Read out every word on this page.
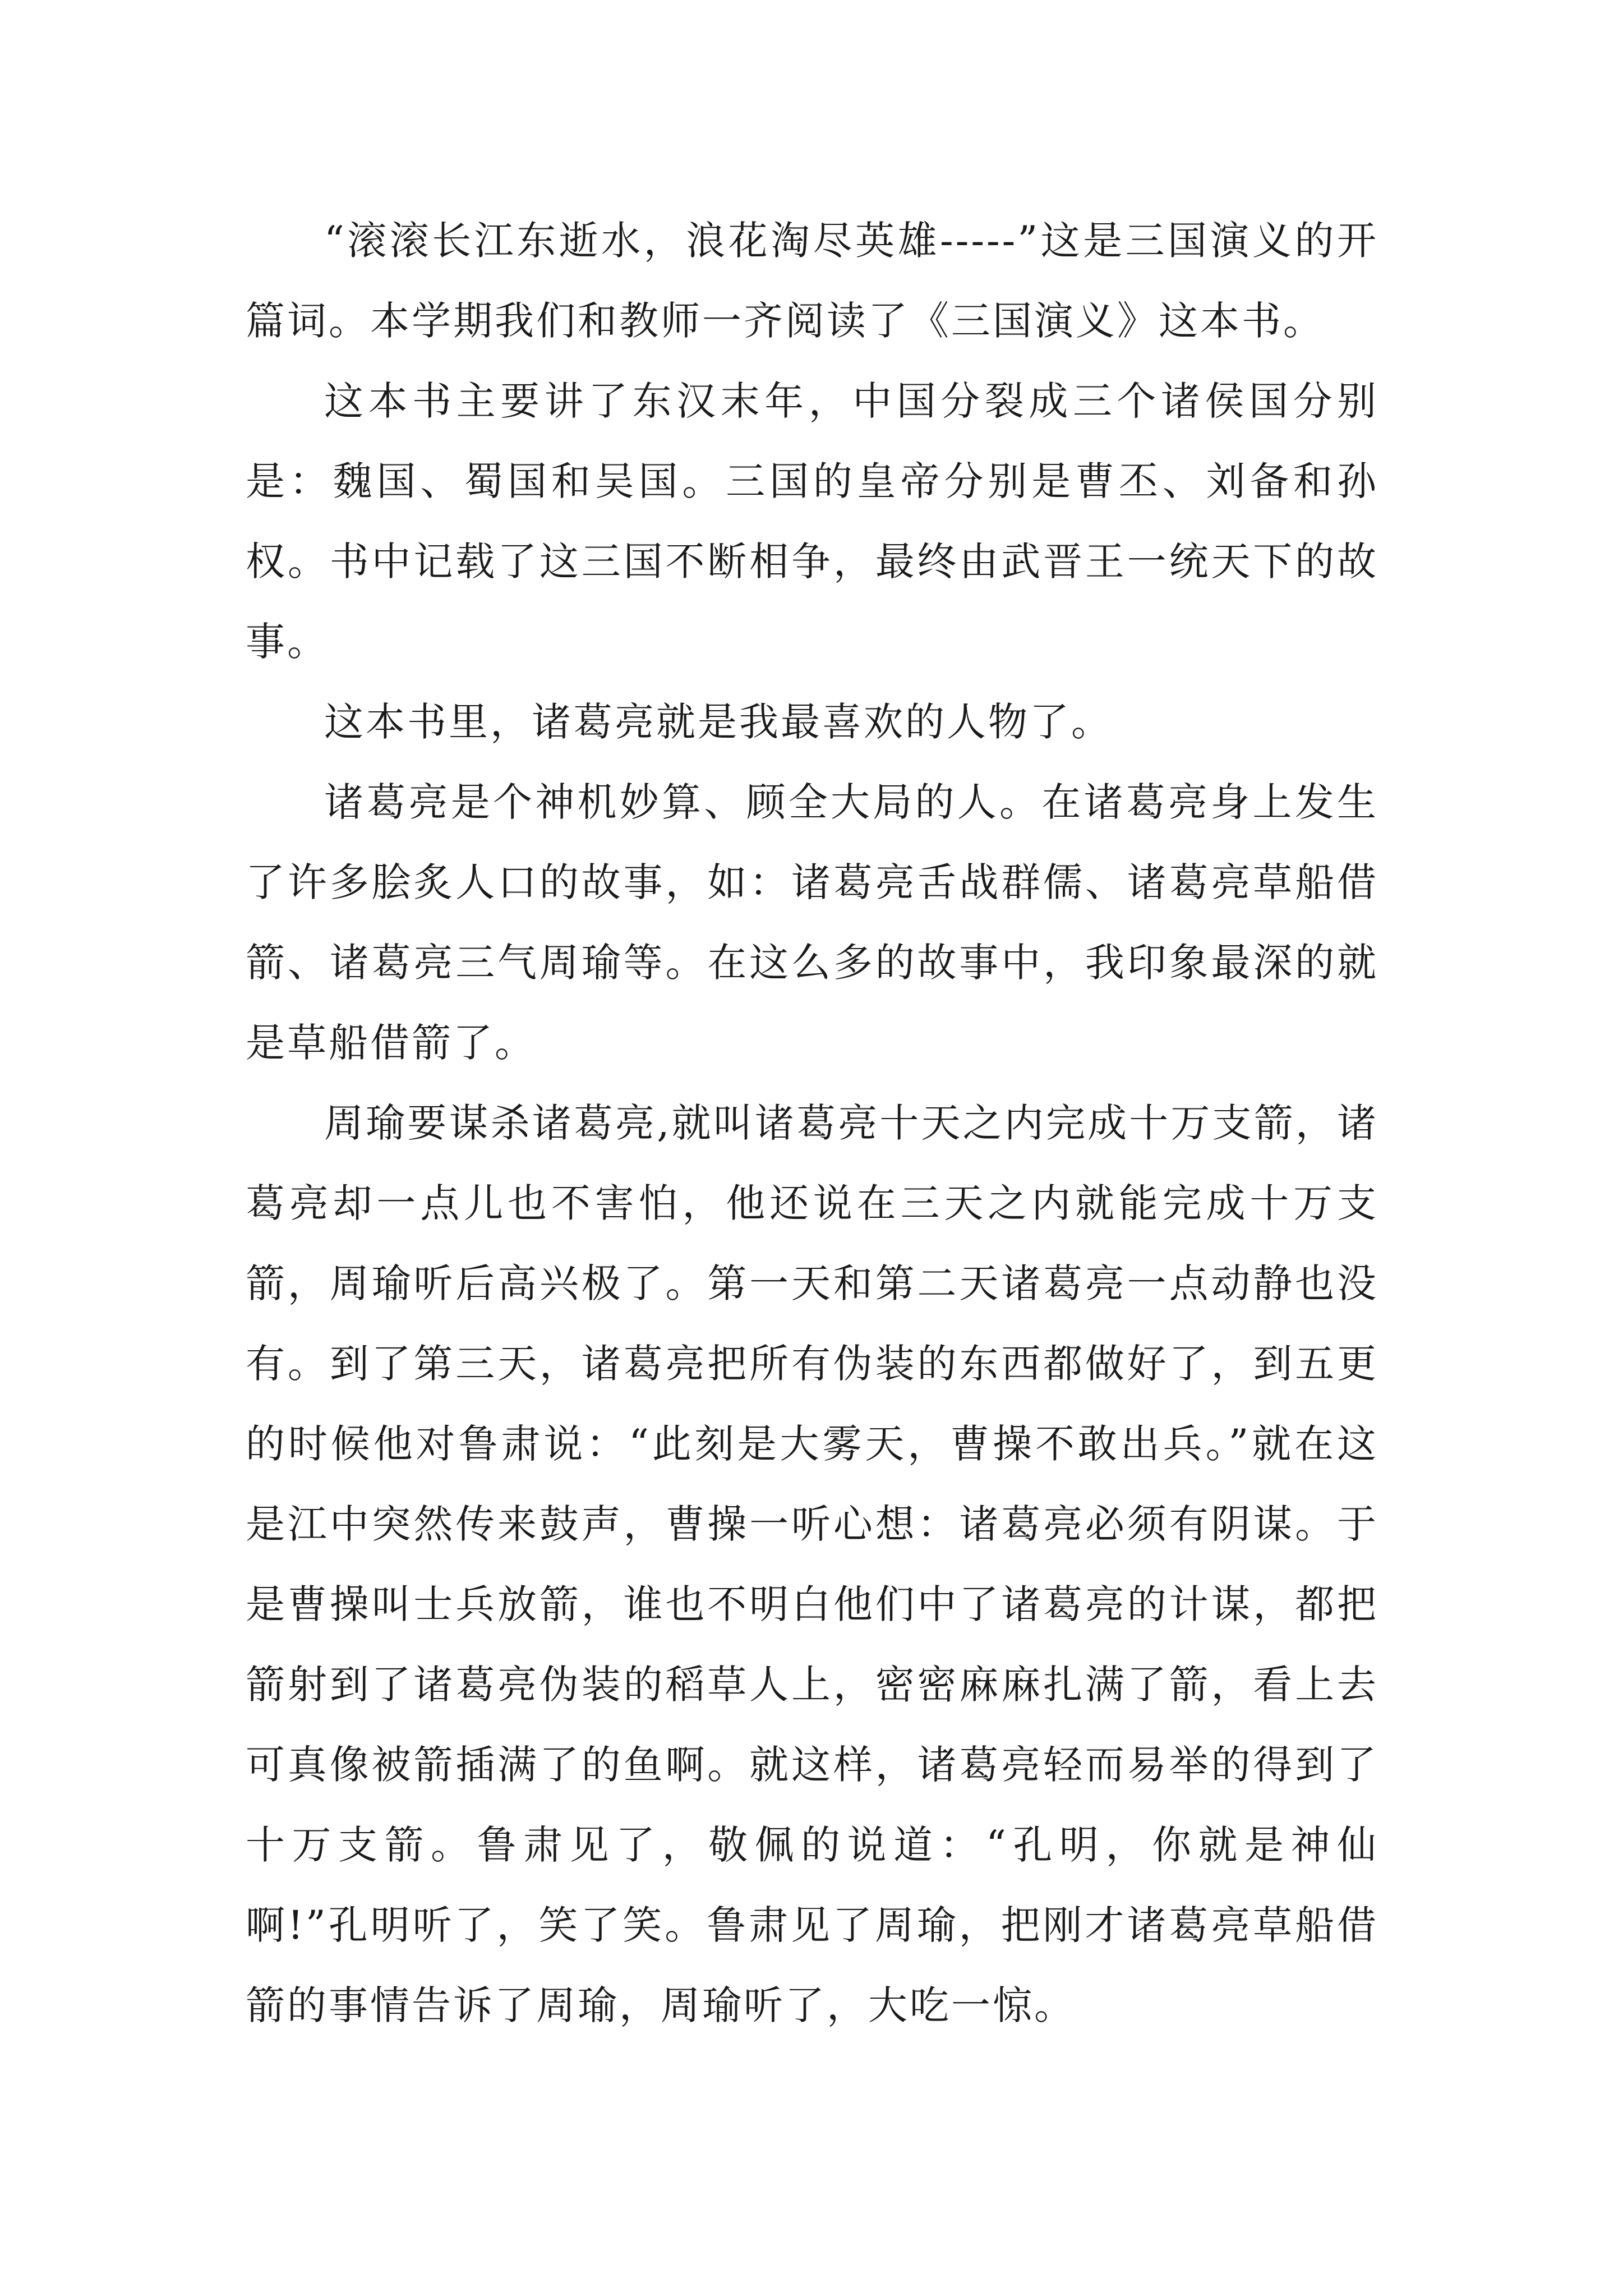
“滚滚长江东逝水，浪花淘尽英雄-----”这是三国演义的开篇词。本学期我们和教师一齐阅读了《三国演义》这本书。

这本书主要讲了东汉末年，中国分裂成三个诸侯国分别是：魏国、蜀国和吴国。三国的皇帝分别是曹丕、刘备和孙权。书中记载了这三国不断相争，最终由武晋王一统天下的故事。

这本书里，诸葛亮就是我最喜欢的人物了。

诸葛亮是个神机妙算、顾全大局的人。在诸葛亮身上发生了许多脍炙人口的故事，如：诸葛亮舌战群儒、诸葛亮草船借箭、诸葛亮三气周瑜等。在这么多的故事中，我印象最深的就是草船借箭了。

周瑜要谋杀诸葛亮,就叫诸葛亮十天之内完成十万支箭，诸葛亮却一点儿也不害怕，他还说在三天之内就能完成十万支箭，周瑜听后高兴极了。第一天和第二天诸葛亮一点动静也没有。到了第三天，诸葛亮把所有伪装的东西都做好了，到五更的时候他对鲁肃说：“此刻是大雾天，曹操不敢出兵。”就在这是江中突然传来鼓声，曹操一听心想：诸葛亮必须有阴谋。于是曹操叫士兵放箭，谁也不明白他们中了诸葛亮的计谋，都把箭射到了诸葛亮伪装的稻草人上，密密麻麻扎满了箭，看上去可真像被箭插满了的鱼啊。就这样，诸葛亮轻而易举的得到了十万支箭。鲁肃见了，敬佩的说道：“孔明，你就是神仙啊!”孔明听了，笑了笑。鲁肃见了周瑜，把刚才诸葛亮草船借箭的事情告诉了周瑜，周瑜听了，大吃一惊。
